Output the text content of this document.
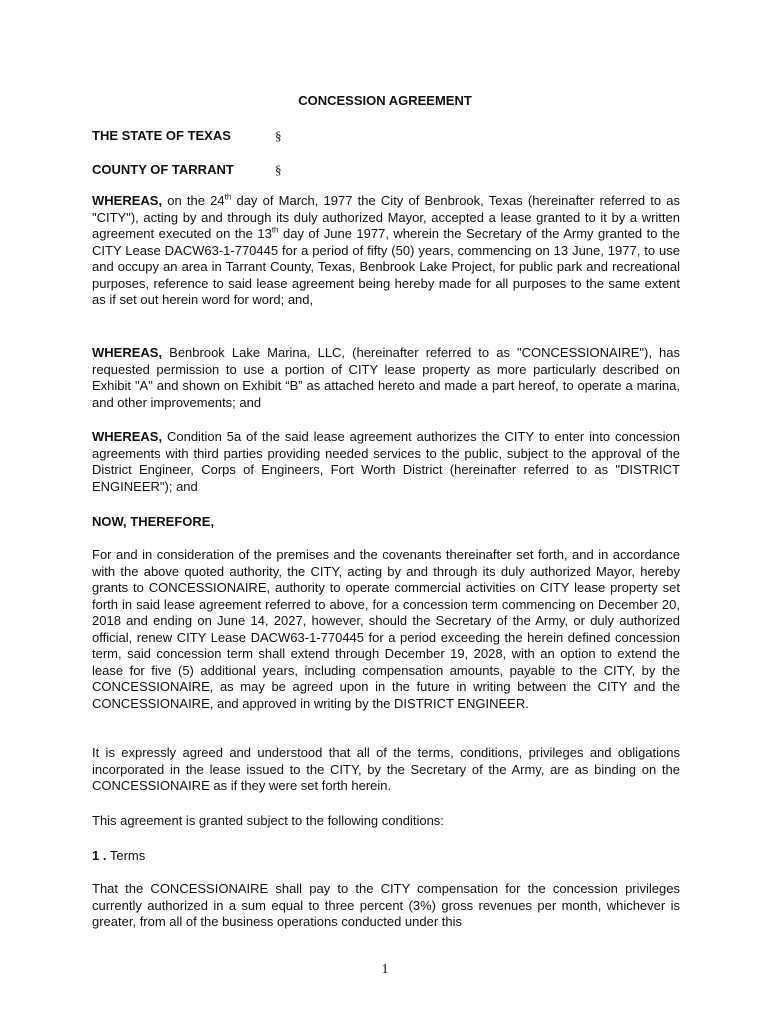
CONCESSION AGREEMENT
THE STATE OF TEXAS	§
COUNTY OF TARRANT	§

WHEREAS, on the 24th day of March, 1977 the City of Benbrook, Texas (hereinafter referred to as "CITY"), acting by and through its duly authorized Mayor, accepted a lease granted to it by a written agreement executed on the 13th day of June 1977, wherein the Secretary of the Army granted to the CITY Lease DACW63-1-770445 for a period of fifty (50) years, commencing on 13 June, 1977, to use and occupy an area in Tarrant County, Texas, Benbrook Lake Project, for public park and recreational purposes, reference to said lease agreement being hereby made for all purposes to the same extent as if set out herein word for word; and,

WHEREAS, Benbrook Lake Marina, LLC, (hereinafter referred to as "CONCESSIONAIRE"), has requested permission to use a portion of CITY lease property as more particularly described on Exhibit "A" and shown on Exhibit “B” as attached hereto and made a part hereof, to operate a marina, and other improvements; and

WHEREAS, Condition 5a of the said lease agreement authorizes the CITY to enter into concession agreements with third parties providing needed services to the public, subject to the approval of the District Engineer, Corps of Engineers, Fort Worth District (hereinafter referred to as "DISTRICT ENGINEER"); and

NOW, THEREFORE,

For and in consideration of the premises and the covenants thereinafter set forth, and in accordance with the above quoted authority, the CITY, acting by and through its duly authorized Mayor, hereby grants to CONCESSIONAIRE, authority to operate commercial activities on CITY lease property set forth in said lease agreement referred to above, for a concession term commencing on December 20, 2018 and ending on June 14, 2027, however, should the Secretary of the Army, or duly authorized official, renew CITY Lease DACW63-1-770445 for a period exceeding the herein defined concession term, said concession term shall extend through December 19, 2028, with an option to extend the lease for five (5) additional years, including compensation amounts, payable to the CITY, by the CONCESSIONAIRE, as may be agreed upon in the future in writing between the CITY and the CONCESSIONAIRE, and approved in writing by the DISTRICT ENGINEER.

It is expressly agreed and understood that all of the terms, conditions, privileges and obligations incorporated in the lease issued to the CITY, by the Secretary of the Army, are as binding on the CONCESSIONAIRE as if they were set forth herein.

This agreement is granted subject to the following conditions:

1 . Terms

That the CONCESSIONAIRE shall pay to the CITY compensation for the concession privileges currently authorized in a sum equal to three percent (3%) gross revenues per month, whichever is greater, from all of the business operations conducted under this

1
